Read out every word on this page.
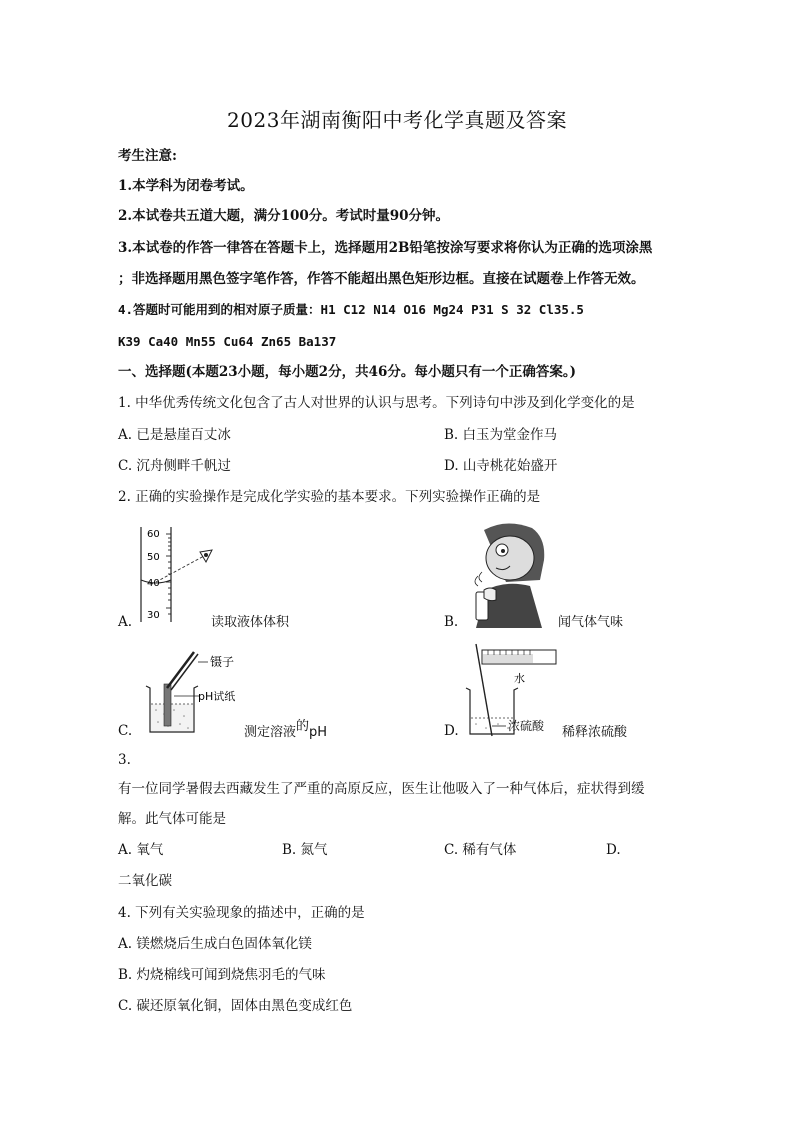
2023年湖南衡阳中考化学真题及答案
考生注意:
1.本学科为闭卷考试。
2.本试卷共五道大题，满分100分。考试时量90分钟。
3.本试卷的作答一律答在答题卡上，选择题用2B铅笔按涂写要求将你认为正确的选项涂黑
；非选择题用黑色签字笔作答，作答不能超出黑色矩形边框。直接在试题卷上作答无效。
4.答题时可能用到的相对原子质量：H1 C12 N14 O16 Mg24 P31 S 32 Cl35.5
K39 Ca40 Mn55 Cu64 Zn65 Ba137
一、选择题(本题23小题，每小题2分，共46分。每小题只有一个正确答案。)
1. 中华优秀传统文化包含了古人对世界的认识与思考。下列诗句中涉及到化学变化的是
A. 已是悬崖百丈冰	B. 白玉为堂金作马
C. 沉舟侧畔千帆过	D. 山寺桃花始盛开
2. 正确的实验操作是完成化学实验的基本要求。下列实验操作正确的是
A.
60
50
40
30	读取液体体积	B.	闻气体气味
C.
镊子
pH试纸
测定溶液的pH	D.
水
浓硫酸 稀释浓硫酸
3.
有一位同学暑假去西藏发生了严重的高原反应，医生让他吸入了一种气体后，症状得到缓
解。此气体可能是
A. 氧气	B. 氮气	C. 稀有气体	D.
二氧化碳
4. 下列有关实验现象的描述中，正确的是
A. 镁燃烧后生成白色固体氧化镁
B. 灼烧棉线可闻到烧焦羽毛的气味
C. 碳还原氧化铜，固体由黑色变成红色
